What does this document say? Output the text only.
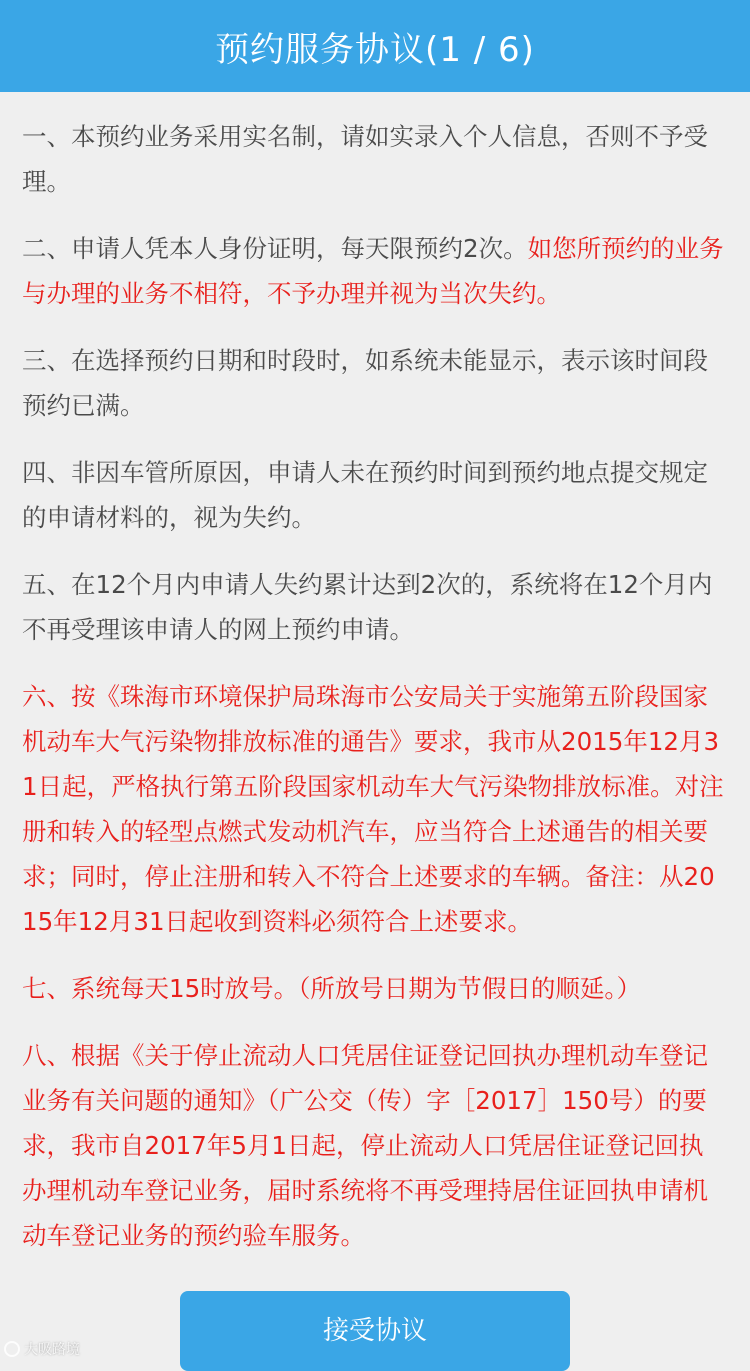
预约服务协议(1 / 6)

一、本预约业务采用实名制，请如实录入个人信息，否则不予受理。

二、申请人凭本人身份证明，每天限预约2次。如您所预约的业务与办理的业务不相符，不予办理并视为当次失约。

三、在选择预约日期和时段时，如系统未能显示，表示该时间段预约已满。

四、非因车管所原因，申请人未在预约时间到预约地点提交规定的申请材料的，视为失约。

五、在12个月内申请人失约累计达到2次的，系统将在12个月内不再受理该申请人的网上预约申请。

六、按《珠海市环境保护局珠海市公安局关于实施第五阶段国家机动车大气污染物排放标准的通告》要求，我市从2015年12月31日起，严格执行第五阶段国家机动车大气污染物排放标准。对注册和转入的轻型点燃式发动机汽车，应当符合上述通告的相关要求；同时，停止注册和转入不符合上述要求的车辆。备注：从2015年12月31日起收到资料必须符合上述要求。

七、系统每天15时放号。（所放号日期为节假日的顺延。）

八、根据《关于停止流动人口凭居住证登记回执办理机动车登记业务有关问题的通知》（广公交（传）字［2017］150号）的要求，我市自2017年5月1日起，停止流动人口凭居住证登记回执办理机动车登记业务，届时系统将不再受理持居住证回执申请机动车登记业务的预约验车服务。

接受协议
大吸路境
